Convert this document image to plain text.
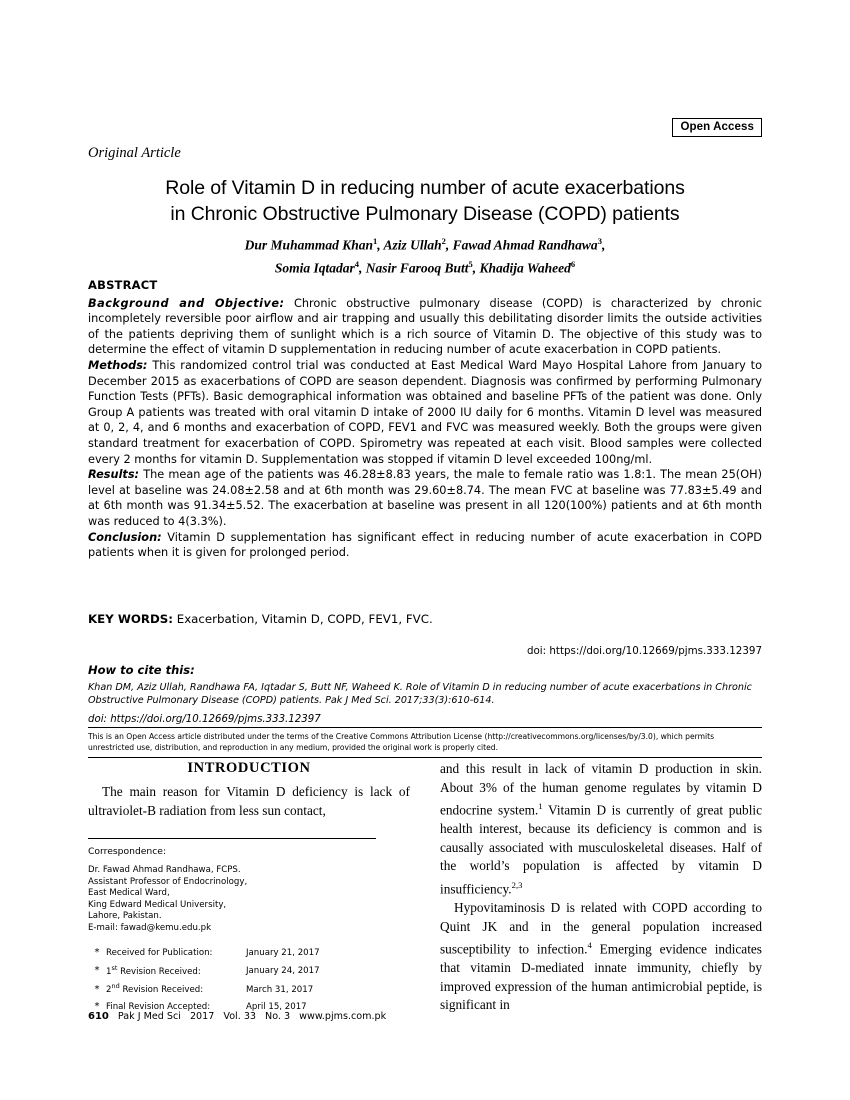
Open Access
Original Article
Role of Vitamin D in reducing number of acute exacerbations
in Chronic Obstructive Pulmonary Disease (COPD) patients
Dur Muhammad Khan$^1$, Aziz Ullah$^2$, Fawad Ahmad Randhawa$^3$,
Somia Iqtadar$^4$, Nasir Farooq Butt$^5$, Khadija Waheed$^6$
ABSTRACT

Background and Objective: Chronic obstructive pulmonary disease (COPD) is characterized by chronic incompletely reversible poor airflow and air trapping and usually this debilitating disorder limits the outside activities of the patients depriving them of sunlight which is a rich source of Vitamin D. The objective of this study was to determine the effect of vitamin D supplementation in reducing number of acute exacerbation in COPD patients.

Methods: This randomized control trial was conducted at East Medical Ward Mayo Hospital Lahore from January to December 2015 as exacerbations of COPD are season dependent. Diagnosis was confirmed by performing Pulmonary Function Tests (PFTs). Basic demographical information was obtained and baseline PFTs of the patient was done. Only Group A patients was treated with oral vitamin D intake of 2000 IU daily for 6 months. Vitamin D level was measured at 0, 2, 4, and 6 months and exacerbation of COPD, FEV1 and FVC was measured weekly. Both the groups were given standard treatment for exacerbation of COPD. Spirometry was repeated at each visit. Blood samples were collected every 2 months for vitamin D. Supplementation was stopped if vitamin D level exceeded 100ng/ml.

Results: The mean age of the patients was 46.28±8.83 years, the male to female ratio was 1.8:1. The mean 25(OH) level at baseline was 24.08±2.58 and at 6th month was 29.60±8.74. The mean FVC at baseline was 77.83±5.49 and at 6th month was 91.34±5.52. The exacerbation at baseline was present in all 120(100%) patients and at 6th month was reduced to 4(3.3%).

Conclusion: Vitamin D supplementation has significant effect in reducing number of acute exacerbation in COPD patients when it is given for prolonged period.

KEY WORDS: Exacerbation, Vitamin D, COPD, FEV1, FVC.
doi: https://doi.org/10.12669/pjms.333.12397
How to cite this:
Khan DM, Aziz Ullah, Randhawa FA, Iqtadar S, Butt NF, Waheed K. Role of Vitamin D in reducing number of acute exacerbations in Chronic Obstructive Pulmonary Disease (COPD) patients. Pak J Med Sci. 2017;33(3):610-614.
doi: https://doi.org/10.12669/pjms.333.12397
This is an Open Access article distributed under the terms of the Creative Commons Attribution License (http://creativecommons.org/licenses/by/3.0), which permits unrestricted use, distribution, and reproduction in any medium, provided the original work is properly cited.
INTRODUCTION

The main reason for Vitamin D deficiency is lack of ultraviolet-B radiation from less sun contact,

Correspondence:
Dr. Fawad Ahmad Randhawa, FCPS.
Assistant Professor of Endocrinology,
East Medical Ward,
King Edward Medical University,
Lahore, Pakistan.
E-mail: fawad@kemu.edu.pk
* Received for Publication:	January 21, 2017
* 1st Revision Received:	January 24, 2017
* 2nd Revision Received:	March 31, 2017
* Final Revision Accepted:	April 15, 2017

and this result in lack of vitamin D production in skin. About 3% of the human genome regulates by vitamin D endocrine system.$^1$ Vitamin D is currently of great public health interest, because its deficiency is common and is causally associated with musculoskeletal diseases. Half of the world’s population is affected by vitamin D insufficiency.$^{2,3}$

Hypovitaminosis D is related with COPD according to Quint JK and in the general population increased susceptibility to infection.$^4$ Emerging evidence indicates that vitamin D-mediated innate immunity, chiefly by improved expression of the human antimicrobial peptide, is significant in

610 Pak J Med Sci 2017 Vol. 33 No. 3 www.pjms.com.pk
